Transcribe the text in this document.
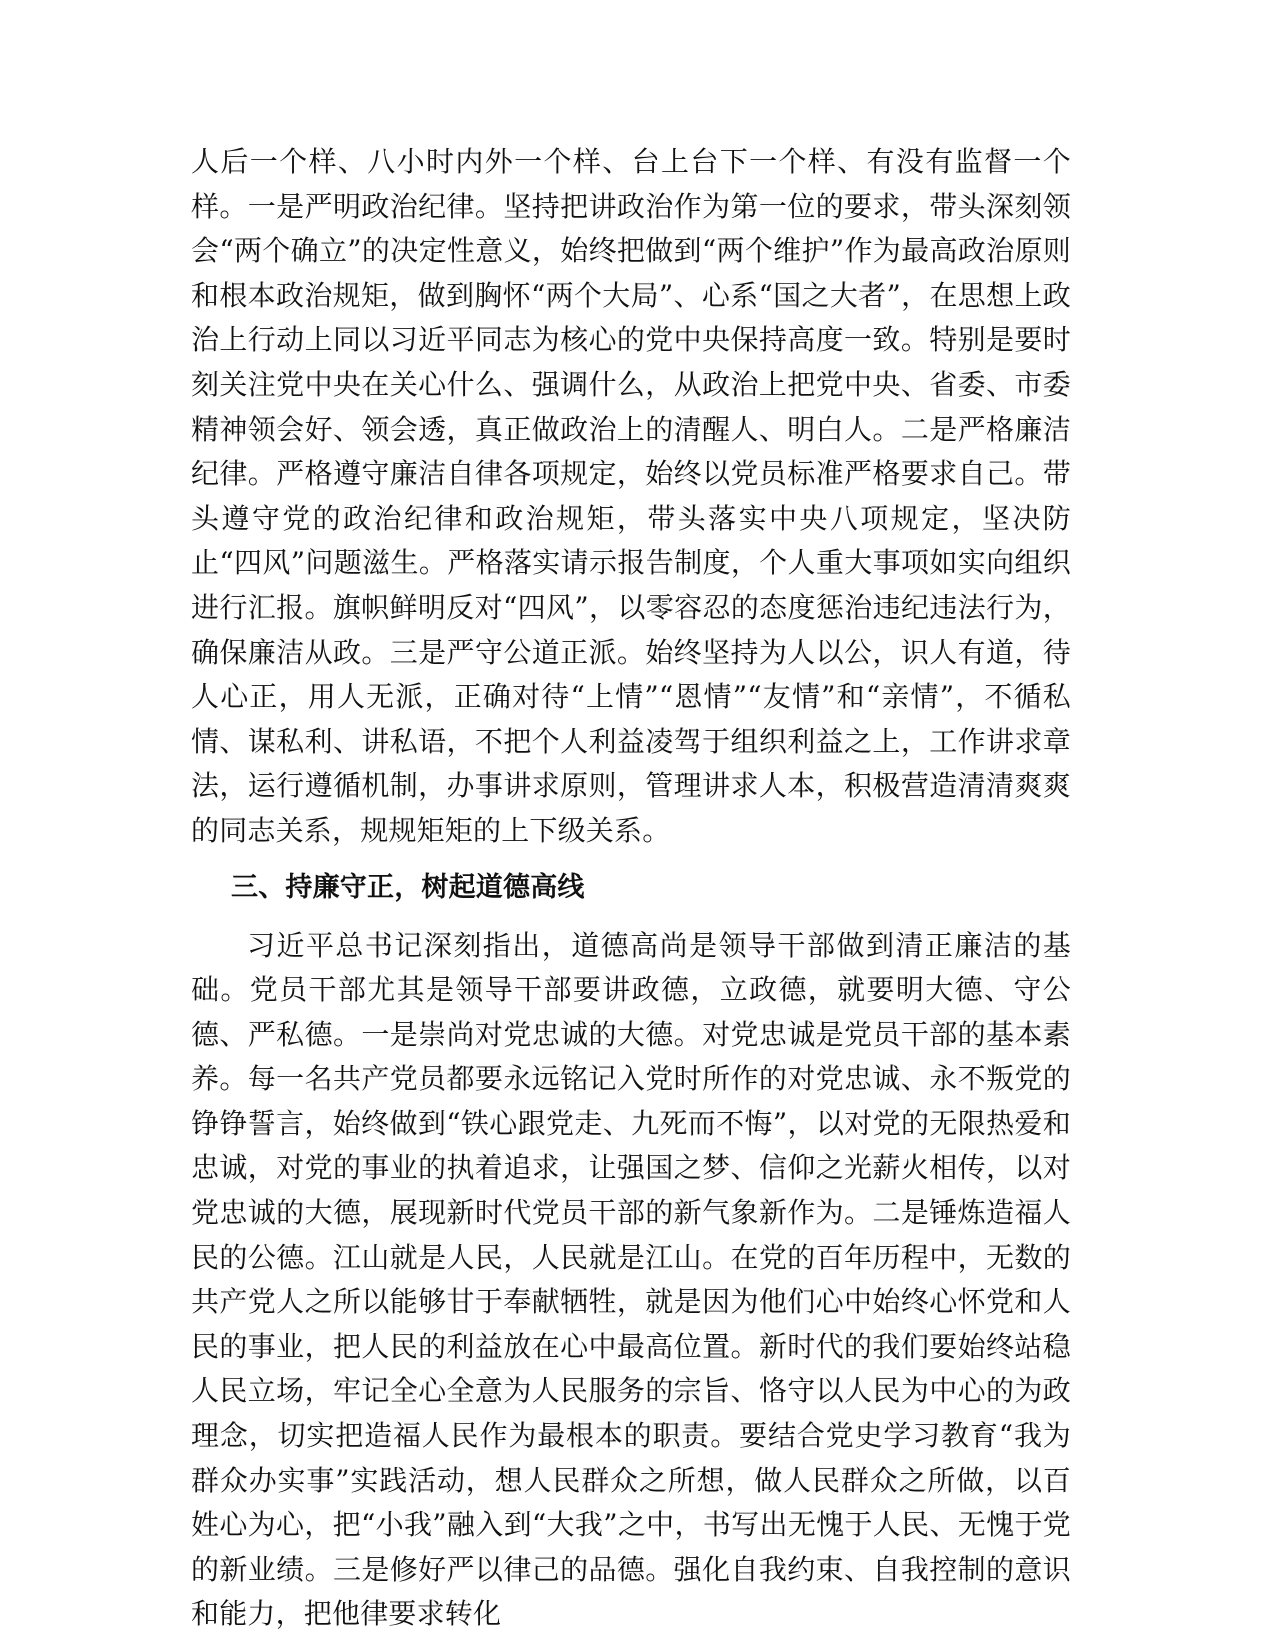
人后一个样、八小时内外一个样、台上台下一个样、有没有监督一个样。一是严明政治纪律。坚持把讲政治作为第一位的要求，带头深刻领会“两个确立”的决定性意义，始终把做到“两个维护”作为最高政治原则和根本政治规矩，做到胸怀“两个大局”、心系“国之大者”，在思想上政治上行动上同以习近平同志为核心的党中央保持高度一致。特别是要时刻关注党中央在关心什么、强调什么，从政治上把党中央、省委、市委精神领会好、领会透，真正做政治上的清醒人、明白人。二是严格廉洁纪律。严格遵守廉洁自律各项规定，始终以党员标准严格要求自己。带头遵守党的政治纪律和政治规矩，带头落实中央八项规定，坚决防止“四风”问题滋生。严格落实请示报告制度，个人重大事项如实向组织进行汇报。旗帜鲜明反对“四风”，以零容忍的态度惩治违纪违法行为，确保廉洁从政。三是严守公道正派。始终坚持为人以公，识人有道，待人心正，用人无派，正确对待“上情”“恩情”“友情”和“亲情”，不循私情、谋私利、讲私语，不把个人利益凌驾于组织利益之上，工作讲求章法，运行遵循机制，办事讲求原则，管理讲求人本，积极营造清清爽爽的同志关系，规规矩矩的上下级关系。

三、持廉守正，树起道德高线

习近平总书记深刻指出，道德高尚是领导干部做到清正廉洁的基础。党员干部尤其是领导干部要讲政德，立政德，就要明大德、守公德、严私德。一是崇尚对党忠诚的大德。对党忠诚是党员干部的基本素养。每一名共产党员都要永远铭记入党时所作的对党忠诚、永不叛党的铮铮誓言，始终做到“铁心跟党走、九死而不悔”，以对党的无限热爱和忠诚，对党的事业的执着追求，让强国之梦、信仰之光薪火相传，以对党忠诚的大德，展现新时代党员干部的新气象新作为。二是锤炼造福人民的公德。江山就是人民，人民就是江山。在党的百年历程中，无数的共产党人之所以能够甘于奉献牺牲，就是因为他们心中始终心怀党和人民的事业，把人民的利益放在心中最高位置。新时代的我们要始终站稳人民立场，牢记全心全意为人民服务的宗旨、恪守以人民为中心的为政理念，切实把造福人民作为最根本的职责。要结合党史学习教育“我为群众办实事”实践活动，想人民群众之所想，做人民群众之所做，以百姓心为心，把“小我”融入到“大我”之中，书写出无愧于人民、无愧于党的新业绩。三是修好严以律己的品德。强化自我约束、自我控制的意识和能力，把他律要求转化
